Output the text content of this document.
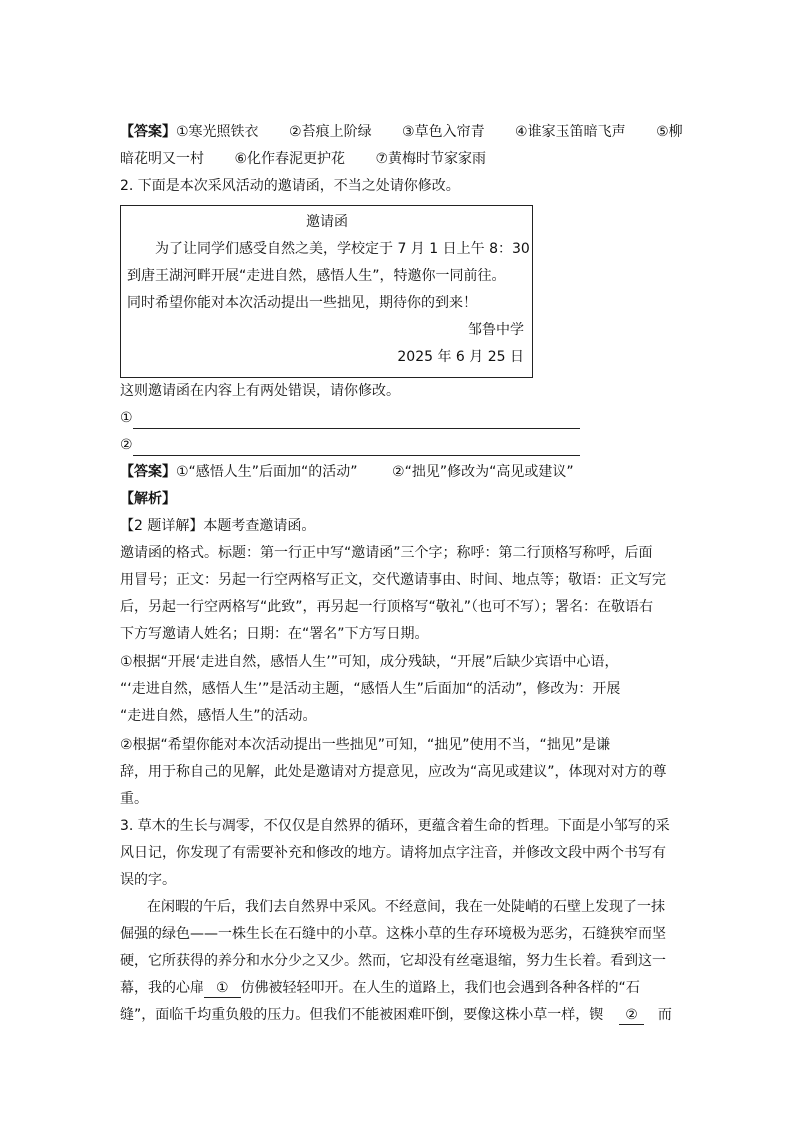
【答案】①寒光照铁衣 ②苔痕上阶绿 ③草色入帘青 ④谁家玉笛暗飞声 ⑤柳
暗花明又一村 ⑥化作春泥更护花 ⑦黄梅时节家家雨
2. 下面是本次采风活动的邀请函，不当之处请你修改。
邀请函
为了让同学们感受自然之美，学校定于 7 月 1 日上午 8：30
到唐王湖河畔开展“走进自然，感悟人生”，特邀你一同前往。
同时希望你能对本次活动提出一些拙见，期待你的到来！
邹鲁中学
2025 年 6 月 25 日
这则邀请函在内容上有两处错误，请你修改。
①
②
【答案】①“感悟人生”后面加“的活动” ②“拙见”修改为“高见或建议”
【解析】
【2 题详解】本题考查邀请函。
邀请函的格式。标题：第一行正中写“邀请函”三个字；称呼：第二行顶格写称呼，后面
用冒号；正文：另起一行空两格写正文，交代邀请事由、时间、地点等；敬语：正文写完
后，另起一行空两格写“此致”，再另起一行顶格写“敬礼”（也可不写）；署名：在敬语右
下方写邀请人姓名；日期：在“署名”下方写日期。
①根据“开展‘走进自然，感悟人生’”可知，成分残缺，“开展”后缺少宾语中心语，
“‘走进自然，感悟人生’”是活动主题，“感悟人生”后面加“的活动”，修改为：开展
“走进自然，感悟人生”的活动。
②根据“希望你能对本次活动提出一些拙见”可知，“拙见”使用不当，“拙见”是谦
辞，用于称自己的见解，此处是邀请对方提意见，应改为“高见或建议”，体现对对方的尊
重。
3. 草木的生长与凋零，不仅仅是自然界的循环，更蕴含着生命的哲理。下面是小邹写的采
风日记，你发现了有需要补充和修改的地方。请将加点字注音，并修改文段中两个书写有
误的字。
在闲暇的午后，我们去自然界中采风。不经意间，我在一处陡峭的石壁上发现了一抹
倔强的绿色——一株生长在石缝中的小草。这株小草的生存环境极为恶劣，石缝狭窄而坚
硬，它所获得的养分和水分少之又少。然而，它却没有丝毫退缩，努力生长着。看到这一
幕，我的心扉 ① 仿佛被轻轻叩开。在人生的道路上，我们也会遇到各种各样的“石
缝”，面临千均重负般的压力。但我们不能被困难吓倒，要像这株小草一样，锲 ② 而
